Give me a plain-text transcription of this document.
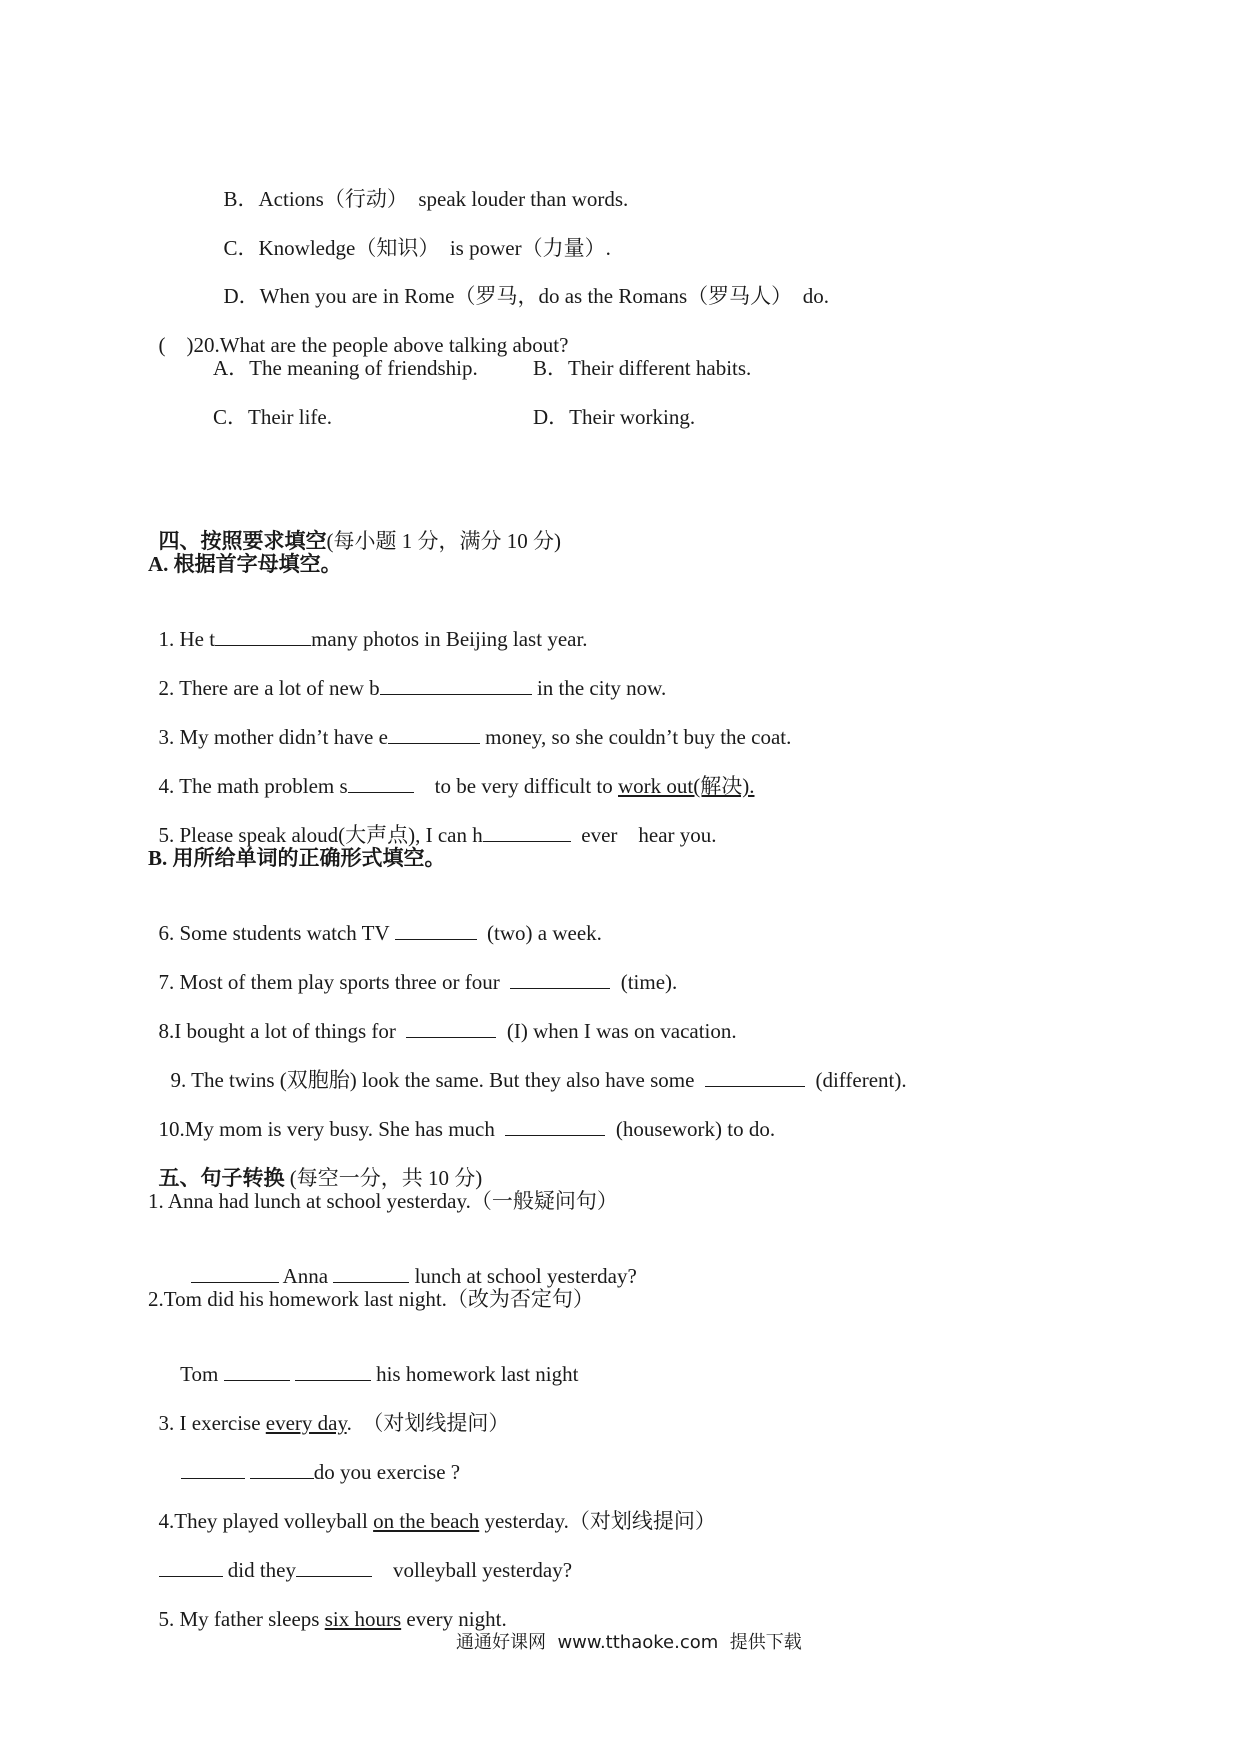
B．Actions（行动） speak louder than words.

C．Knowledge（知识） is power（力量）.

D．When you are in Rome（罗马，do as the Romans（罗马人） do.

( )20.What are the people above talking about?

A．The meaning of friendship.	B．Their different habits.
C．Their life.	D．Their working.

四、按照要求填空(每小题 1 分，满分 10 分)

A. 根据首字母填空。

1. He t	many photos in Beijing last year.

2. There are a lot of new b	in the city now.

3. My mother didn’t have e	money, so she couldn’t buy the coat.

4. The math problem s	to be very difficult to work out(解决).

5. Please speak aloud(大声点), I can h	ever hear you.

B. 用所给单词的正确形式填空。

6. Some students watch TV	(two) a week.

7. Most of them play sports three or four	(time).

8.I bought a lot of things for	(I) when I was on vacation.

9. The twins (双胞胎) look the same. But they also have some	(different).

10.My mom is very busy. She has much	(housework) to do.

五、句子转换 (每空一分，共 10 分)

1. Anna had lunch at school yesterday.（一般疑问句）

Anna	lunch at school yesterday?

2.Tom did his homework last night.（改为否定句）

Tom	his homework last night

3. I exercise every day.  （对划线提问）

do you exercise ?

4.They played volleyball on the beach yesterday.（对划线提问）

did they	volleyball yesterday?

5. My father sleeps six hours every night.

通通好课网  www.tthaoke.com  提供下载
